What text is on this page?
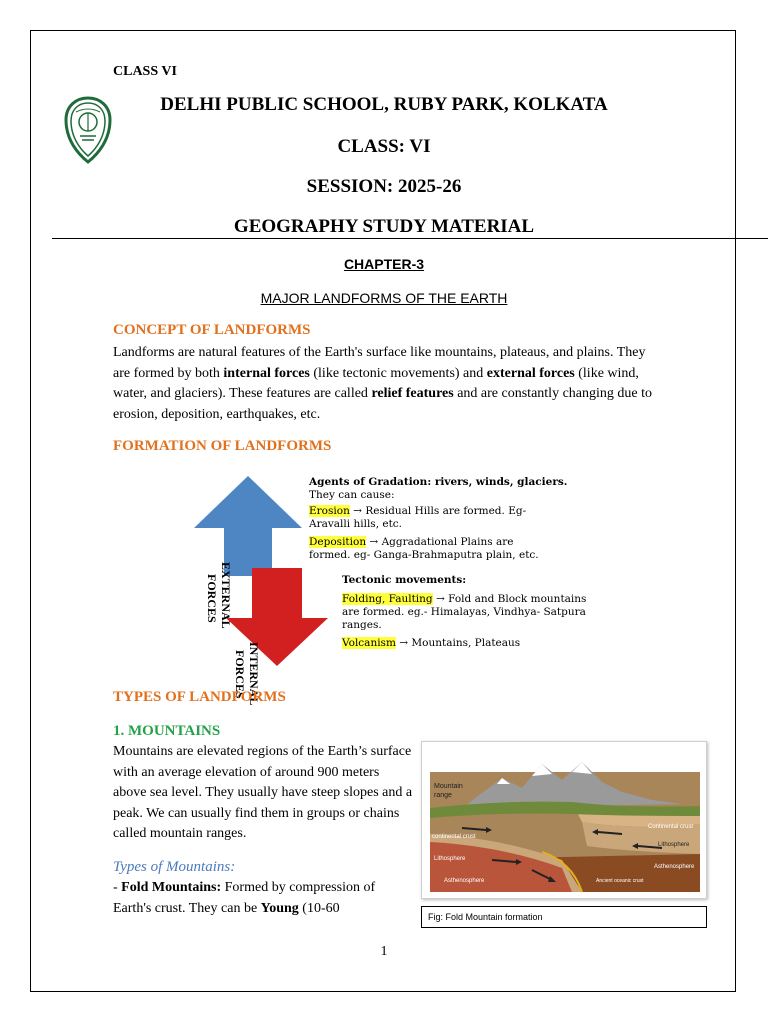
CLASS VI
DELHI PUBLIC SCHOOL, RUBY PARK, KOLKATA
CLASS: VI
SESSION: 2025-26
GEOGRAPHY STUDY MATERIAL
CHAPTER-3
MAJOR LANDFORMS OF THE EARTH
CONCEPT OF LANDFORMS
Landforms are natural features of the Earth's surface like mountains, plateaus, and plains. They are formed by both internal forces (like tectonic movements) and external forces (like wind, water, and glaciers). These features are called relief features and are constantly changing due to erosion, deposition, earthquakes, etc.
FORMATION OF LANDFORMS
EXTERNAL
FORCES
INTERNAL
FORCES
Agents of Gradation: rivers, winds, glaciers.
They can cause:
Erosion → Residual Hills are formed. Eg-
Aravalli hills, etc.
Deposition → Aggradational Plains are
formed. eg- Ganga-Brahmaputra plain, etc.
Tectonic movements:
Folding, Faulting → Fold and Block mountains
are formed. eg.- Himalayas, Vindhya- Satpura
ranges.
Volcanism → Mountains, Plateaus
TYPES OF LANDFORMS
1. MOUNTAINS
Mountains are elevated regions of the Earth’s surface with an average elevation of around 900 meters above sea level. They usually have steep slopes and a peak. We can usually find them in groups or chains called mountain ranges.
Types of Mountains:
- Fold Mountains: Formed by compression of Earth's crust. They can be Young (10-60
Mountain
range
continental crust
Continental crust
Lithosphere
Lithosphere
Asthenosphere
Asthenosphere
Ancient oceanic crust
Fig: Fold Mountain formation
1
